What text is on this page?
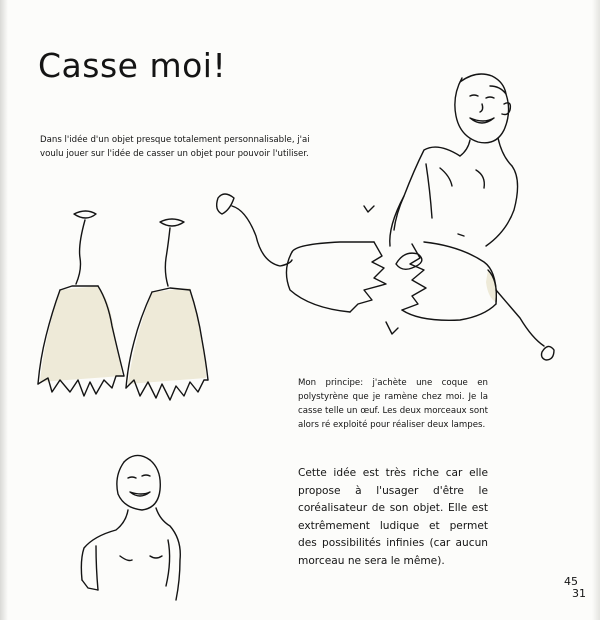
Casse moi!
Dans l'idée d'un objet presque totalement personnalisable, j'ai
voulu jouer sur l'idée de casser un objet pour pouvoir l'utiliser.
Mon principe: j'achète une coque en polystyrène que je ramène chez moi. Je la casse telle un œuf. Les deux morceaux sont alors ré exploité pour réaliser deux lampes.
Cette idée est très riche car elle propose à l'usager d'être le coréalisateur de son objet. Elle est extrêmement ludique et permet des possibilités infinies (car aucun morceau ne sera le même).
45
31
